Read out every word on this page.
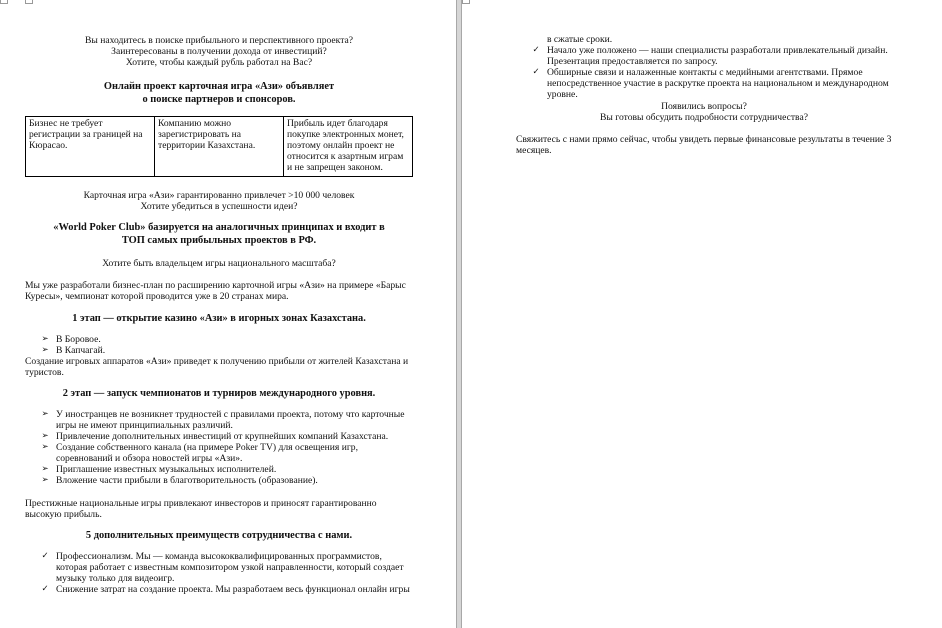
Вы находитесь в поиске прибыльного и перспективного проекта?

Заинтересованы в получении дохода от инвестиций?

Хотите, чтобы каждый рубль работал на Вас?

Онлайн проект карточная игра «Ази» объявляет

о поиске партнеров и спонсоров.

Бизнес не требует регистрации за границей на Кюрасао.	Компанию можно зарегистрировать на территории Казахстана.	Прибыль идет благодаря покупке электронных монет, поэтому онлайн проект не относится к азартным играм и не запрещен законом.

Карточная игра «Ази» гарантированно привлечет >10 000 человек

Хотите убедиться в успешности идеи?

«World Poker Club» базируется на аналогичных принципах и входит в

ТОП самых прибыльных проектов в РФ.

Хотите быть владельцем игры национального масштаба?

Мы уже разработали бизнес-план по расширению карточной игры «Ази» на примере «Барыс Куресы», чемпионат которой проводится уже в 20 странах мира.

1 этап — открытие казино «Ази» в игорных зонах Казахстана.

➢ В Боровое.
➢ В Капчагай.

Создание игровых аппаратов «Ази» приведет к получению прибыли от жителей Казахстана и туристов.

2 этап — запуск чемпионатов и турниров международного уровня.

➢ У иностранцев не возникнет трудностей с правилами проекта, потому что карточные игры не имеют принципиальных различий.
➢ Привлечение дополнительных инвестиций от крупнейших компаний Казахстана.
➢ Создание собственного канала (на примере Poker TV) для освещения игр, соревнований и обзора новостей игры «Ази».
➢ Приглашение известных музыкальных исполнителей.
➢ Вложение части прибыли в благотворительность (образование).

Престижные национальные игры привлекают инвесторов и приносят гарантированно высокую прибыль.

5 дополнительных преимуществ сотрудничества с нами.

✓ Профессионализм. Мы — команда высококвалифицированных программистов, которая работает с известным композитором узкой направленности, который создает музыку только для видеоигр.
✓ Снижение затрат на создание проекта. Мы разработаем весь функционал онлайн игры
в сжатые сроки.
✓ Начало уже положено — наши специалисты разработали привлекательный дизайн. Презентация предоставляется по запросу.
✓ Обширные связи и налаженные контакты с медийными агентствами. Прямое непосредственное участие в раскрутке проекта на национальном и международном уровне.

Появились вопросы?

Вы готовы обсудить подробности сотрудничества?

Свяжитесь с нами прямо сейчас, чтобы увидеть первые финансовые результаты в течение 3 месяцев.
